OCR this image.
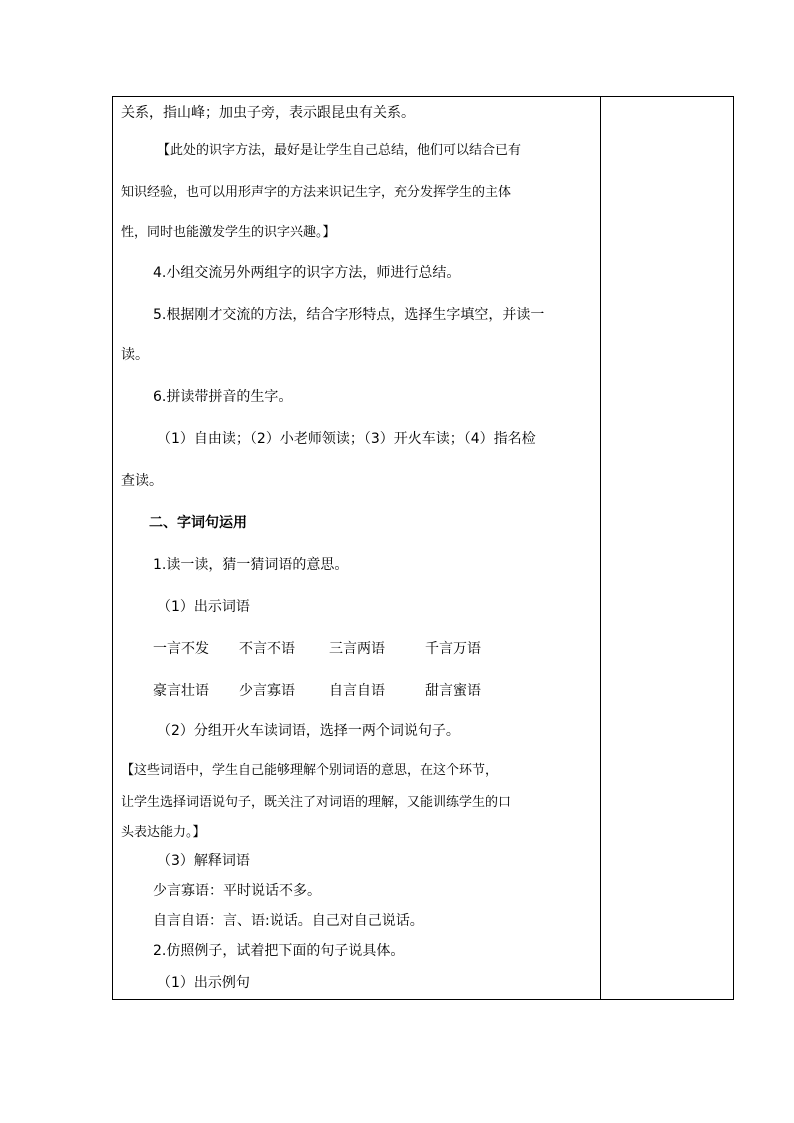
关系，指山峰；加虫子旁，表示跟昆虫有关系。
【此处的识字方法，最好是让学生自己总结，他们可以结合已有
知识经验，也可以用形声字的方法来识记生字，充分发挥学生的主体
性，同时也能激发学生的识字兴趣。】
4.小组交流另外两组字的识字方法，师进行总结。
5.根据刚才交流的方法，结合字形特点，选择生字填空，并读一
读。
6.拼读带拼音的生字。
（1）自由读；（2）小老师领读；（3）开火车读；（4）指名检
查读。
二、字词句运用
1.读一读，猜一猜词语的意思。
（1）出示词语
一言不发 不言不语 三言两语	千言万语
豪言壮语 少言寡语 自言自语	甜言蜜语
（2）分组开火车读词语，选择一两个词说句子。
【这些词语中，学生自己能够理解个别词语的意思，在这个环节，
让学生选择词语说句子，既关注了对词语的理解，又能训练学生的口
头表达能力。】
（3）解释词语
少言寡语：平时说话不多。
自言自语：言、语:说话。自己对自己说话。
2.仿照例子，试着把下面的句子说具体。
（1）出示例句
